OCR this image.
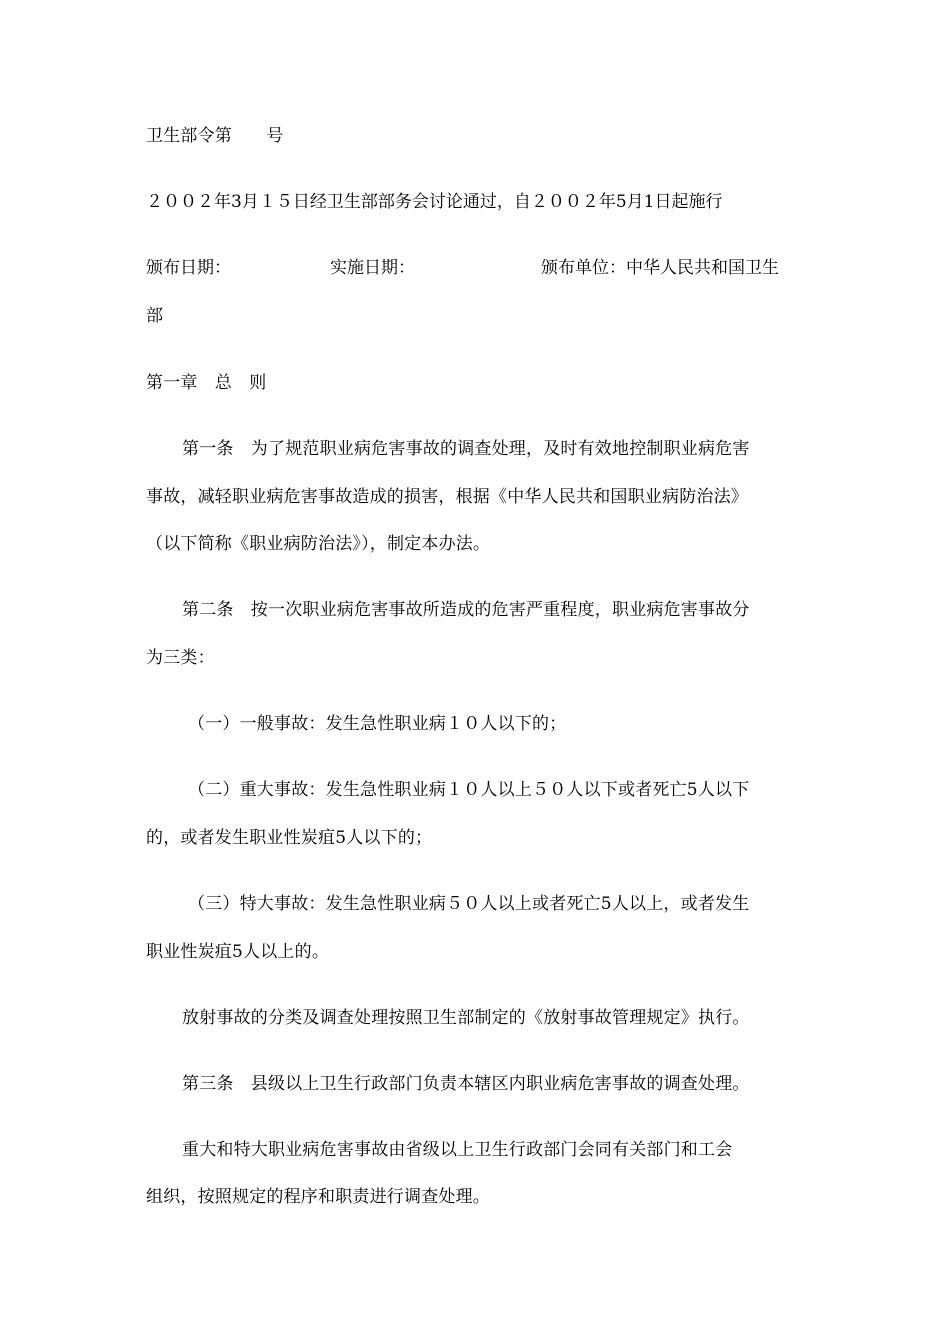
卫生部令第　　号
２００２年3月１５日经卫生部部务会讨论通过，自２００２年5月1日起施行
颁布日期：	实施日期：	颁布单位：中华人民共和国卫生
部
第一章　总　则
第一条　为了规范职业病危害事故的调查处理，及时有效地控制职业病危害
事故，减轻职业病危害事故造成的损害，根据《中华人民共和国职业病防治法》
（以下简称《职业病防治法》），制定本办法。
第二条　按一次职业病危害事故所造成的危害严重程度，职业病危害事故分
为三类：
（一）一般事故：发生急性职业病１０人以下的；
（二）重大事故：发生急性职业病１０人以上５０人以下或者死亡5人以下
的，或者发生职业性炭疽5人以下的；
（三）特大事故：发生急性职业病５０人以上或者死亡5人以上，或者发生
职业性炭疽5人以上的。
放射事故的分类及调查处理按照卫生部制定的《放射事故管理规定》执行。
第三条　县级以上卫生行政部门负责本辖区内职业病危害事故的调查处理。
重大和特大职业病危害事故由省级以上卫生行政部门会同有关部门和工会
组织，按照规定的程序和职责进行调查处理。
